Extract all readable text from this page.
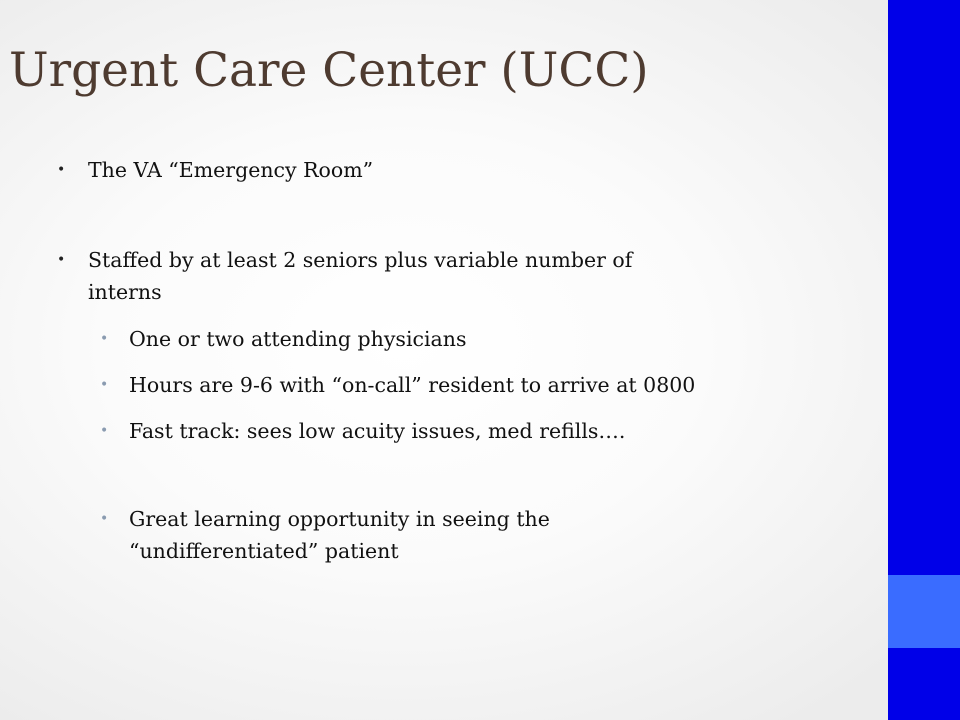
Urgent Care Center (UCC)
• The VA “Emergency Room”
• Staffed by at least 2 seniors plus variable number of
interns
• One or two attending physicians
• Hours are 9-6 with “on-call” resident to arrive at 0800
• Fast track: sees low acuity issues, med refills….
• Great learning opportunity in seeing the
“undifferentiated” patient
